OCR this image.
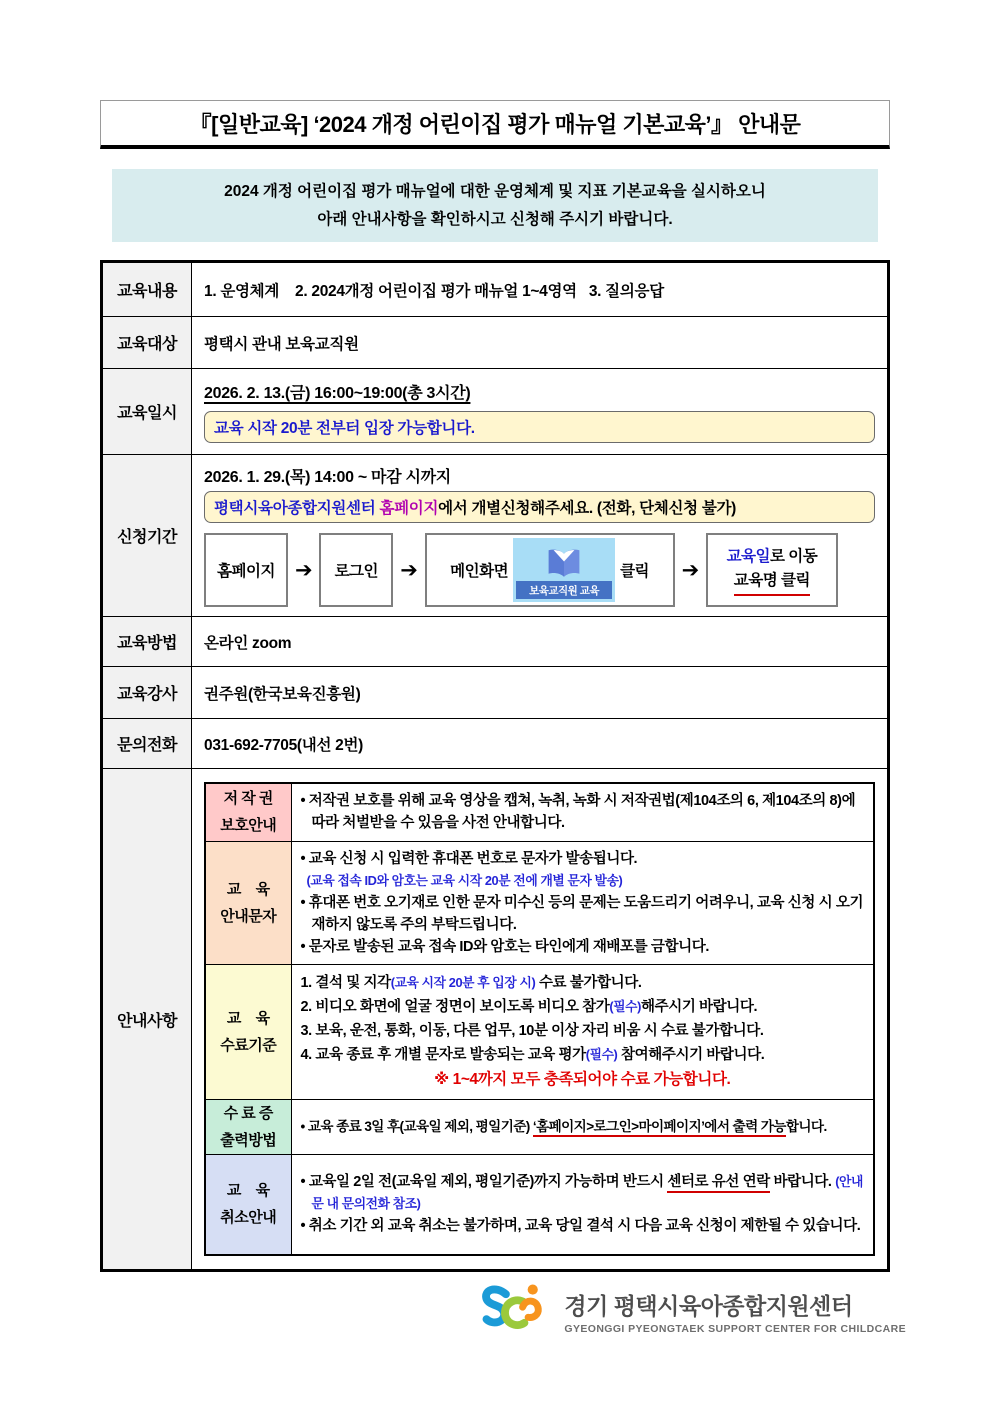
『[일반교육] ‘2024 개정 어린이집 평가 매뉴얼 기본교육’』 안내문
2024 개정 어린이집 평가 매뉴얼에 대한 운영체계 및 지표 기본교육을 실시하오니
아래 안내사항을 확인하시고 신청해 주시기 바랍니다.
교육내용	1. 운영체계    2. 2024개정 어린이집 평가 매뉴얼 1~4영역   3. 질의응답
교육대상	평택시 관내 보육교직원
교육일시	2026. 2. 13.(금) 16:00~19:00(총 3시간)
교육 시작 20분 전부터 입장 가능합니다.

신청기간	2026. 1. 29.(목) 14:00 ~ 마감 시까지
평택시육아종합지원센터 홈페이지에서 개별신청해주세요. (전화, 단체신청 불가)
홈페이지 ➔	로그인	➔	메인화면
보육교직원 교육
클릭	➔
교육일로 이동
교육명 클릭

교육방법	온라인 zoom
교육강사	권주원(한국보육진흥원)
문의전화	031-692-7705(내선 2번)
안내사항	
저 작 권
보호안내

• 저작권 보호를 위해 교육 영상을 캡쳐, 녹취, 녹화 시 저작권법(제104조의 6, 제104조의 8)에 따라 처벌받을 수 있음을 사전 안내합니다.

교    육
안내문자

• 교육 신청 시 입력한 휴대폰 번호로 문자가 발송됩니다.
(교육 접속 ID와 암호는 교육 시작 20분 전에 개별 문자 발송)
• 휴대폰 번호 오기재로 인한 문자 미수신 등의 문제는 도움드리기 어려우니, 교육 신청 시 오기재하지 않도록 주의 부탁드립니다.
• 문자로 발송된 교육 접속 ID와 암호는 타인에게 재배포를 금합니다.

교    육
수료기준

1. 결석 및 지각(교육 시작 20분 후 입장 시) 수료 불가합니다.
2. 비디오 화면에 얼굴 정면이 보이도록 비디오 참가(필수)해주시기 바랍니다.
3. 보육, 운전, 통화, 이동, 다른 업무, 10분 이상 자리 비움 시 수료 불가합니다.
4. 교육 종료 후 개별 문자로 발송되는 교육 평가(필수) 참여해주시기 바랍니다.
※ 1~4까지 모두 충족되어야 수료 가능합니다.

수 료 증
출력방법

• 교육 종료 3일 후(교육일 제외, 평일기준) ‘홈페이지>로그인>마이페이지’에서 출력 가능합니다.

교    육
취소안내

• 교육일 2일 전(교육일 제외, 평일기준)까지 가능하며 반드시 센터로 유선 연락 바랍니다. (안내문 내 문의전화 참조)
• 취소 기간 외 교육 취소는 불가하며, 교육 당일 결석 시 다음 교육 신청이 제한될 수 있습니다.
경기 평택시육아종합지원센터
GYEONGGI PYEONGTAEK SUPPORT CENTER FOR CHILDCARE
